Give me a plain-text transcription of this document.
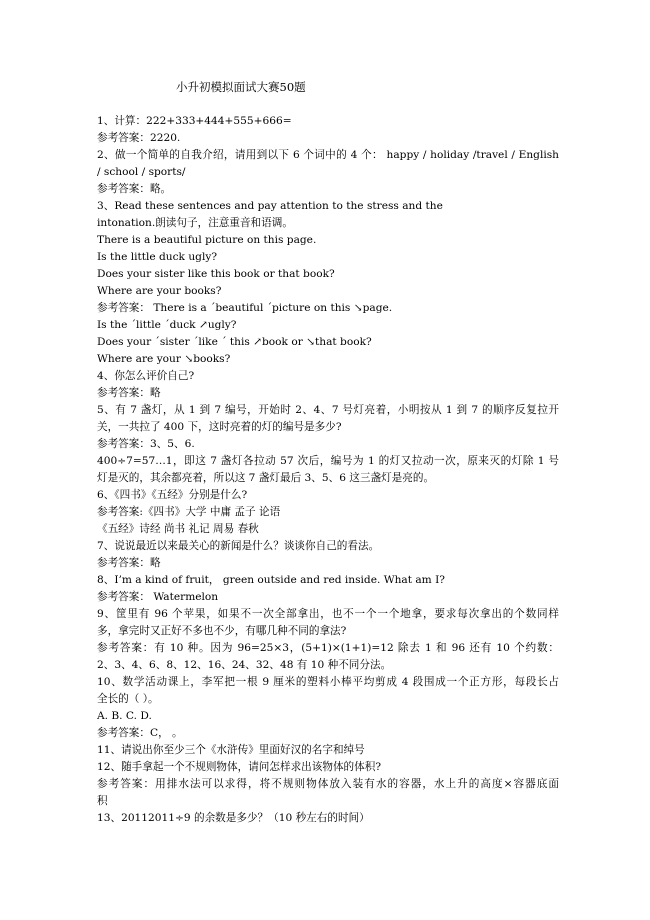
小升初模拟面试大赛50题
1、计算：222+333+444+555+666=
参考答案：2220.
2、做一个简单的自我介绍，请用到以下 6 个词中的 4 个： happy / holiday /travel / English
/ school / sports/
参考答案：略。
3、Read these sentences and pay attention to the stress and the
intonation.朗读句子，注意重音和语调。
There is a beautiful picture on this page.
Is the little duck ugly?
Does your sister like this book or that book?
Where are your books?
参考答案： There is a ˊbeautiful ˊpicture on this ↘page.
Is the ˊlittle ˊduck ↗ugly?
Does your ˊsister ˊlike ˊ this ↗book or ↘that book?
Where are your ↘books?
4、你怎么评价自己?
参考答案：略
5、有 7 盏灯，从 1 到 7 编号，开始时 2、4、7 号灯亮着，小明按从 1 到 7 的顺序反复拉开
关，一共拉了 400 下，这时亮着的灯的编号是多少?
参考答案：3、5、6.
400÷7=57…1，即这 7 盏灯各拉动 57 次后，编号为 1 的灯又拉动一次，原来灭的灯除 1 号
灯是灭的，其余都亮着，所以这 7 盏灯最后 3、5、6 这三盏灯是亮的。
6、《四书》《五经》分别是什么?
参考答案:《四书》大学 中庸 孟子 论语
《五经》诗经 尚书 礼记 周易 春秋
7、说说最近以来最关心的新闻是什么？谈谈你自己的看法。
参考答案：略
8、I’m a kind of fruit， green outside and red inside. What am I?
参考答案： Watermelon
9、筐里有 96 个苹果，如果不一次全部拿出，也不一个一个地拿，要求每次拿出的个数同样
多，拿完时又正好不多也不少，有哪几种不同的拿法?
参考答案：有 10 种。因为 96=25×3，(5+1)×(1+1)=12 除去 1 和 96 还有 10 个约数：
2、3、4、6、8、12、16、24、32、48 有 10 种不同分法。
10、数学活动课上，李军把一根 9 厘米的塑料小棒平均剪成 4 段围成一个正方形，每段长占
全长的（ ）。
A. B. C. D.
参考答案：C， 。
11、请说出你至少三个《水浒传》里面好汉的名字和绰号
12、随手拿起一个不规则物体，请问怎样求出该物体的体积?
参考答案：用排水法可以求得，将不规则物体放入装有水的容器，水上升的高度×容器底面
积
13、20112011÷9 的余数是多少？（10 秒左右的时间）
